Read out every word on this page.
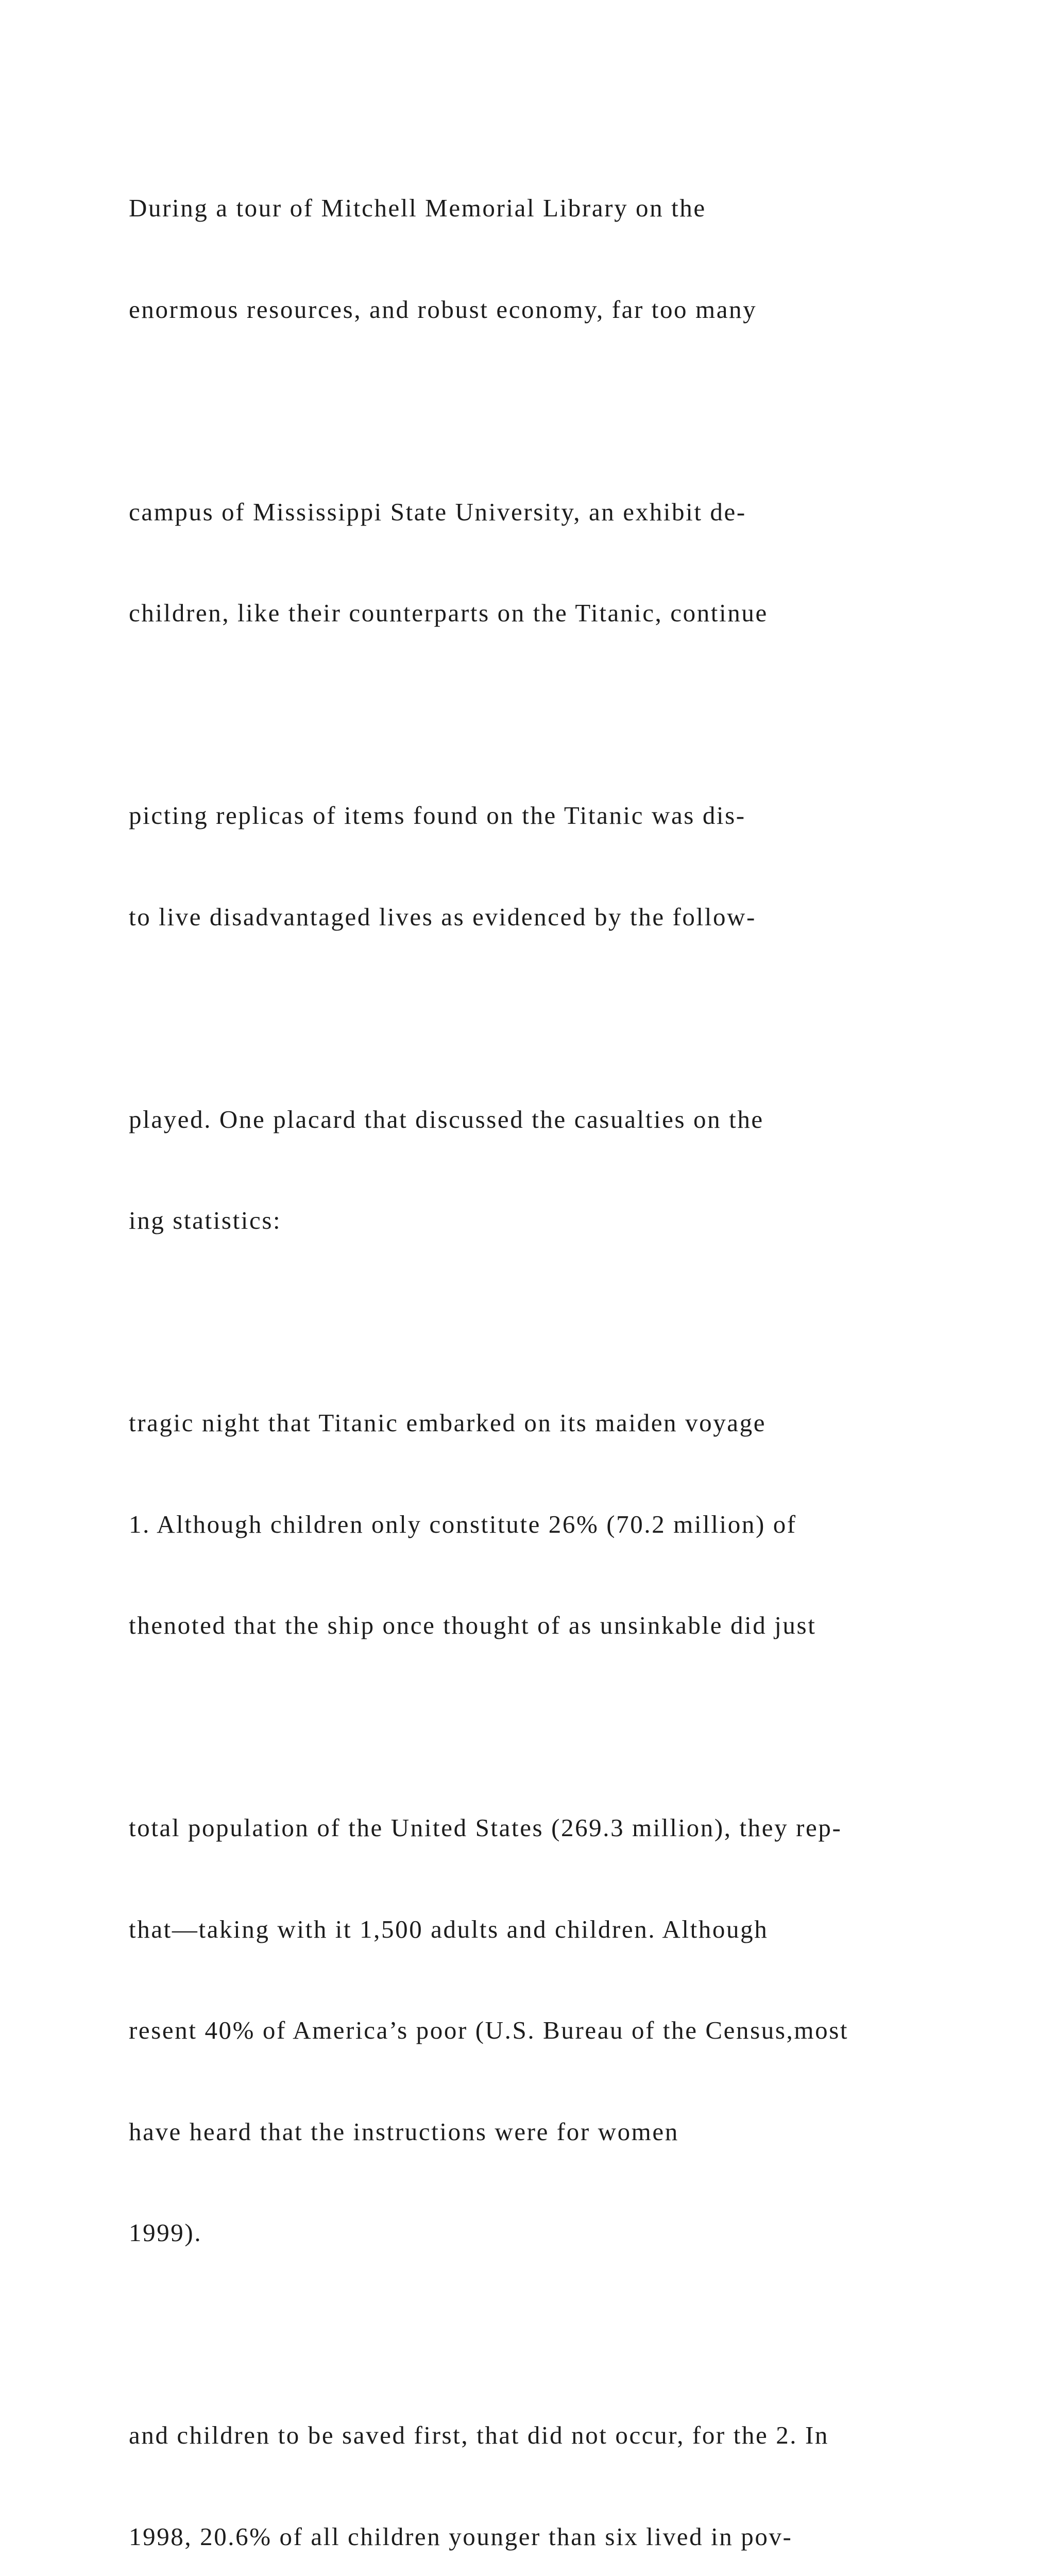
During a tour of Mitchell Memorial Library on the

enormous resources, and robust economy, far too many

campus of Mississippi State University, an exhibit de-

children, like their counterparts on the Titanic, continue

picting replicas of items found on the Titanic was dis-

to live disadvantaged lives as evidenced by the follow-

played. One placard that discussed the casualties on the

ing statistics:

tragic night that Titanic embarked on its maiden voyage

1. Although children only constitute 26% (70.2 million) of

thenoted that the ship once thought of as unsinkable did just

total population of the United States (269.3 million), they rep-

that—taking with it 1,500 adults and children. Although

resent 40% of America’s poor (U.S. Bureau of the Census,most

have heard that the instructions were for women

1999).

and children to be saved first, that did not occur, for the 2. In

1998, 20.6% of all children younger than six lived in pov-
